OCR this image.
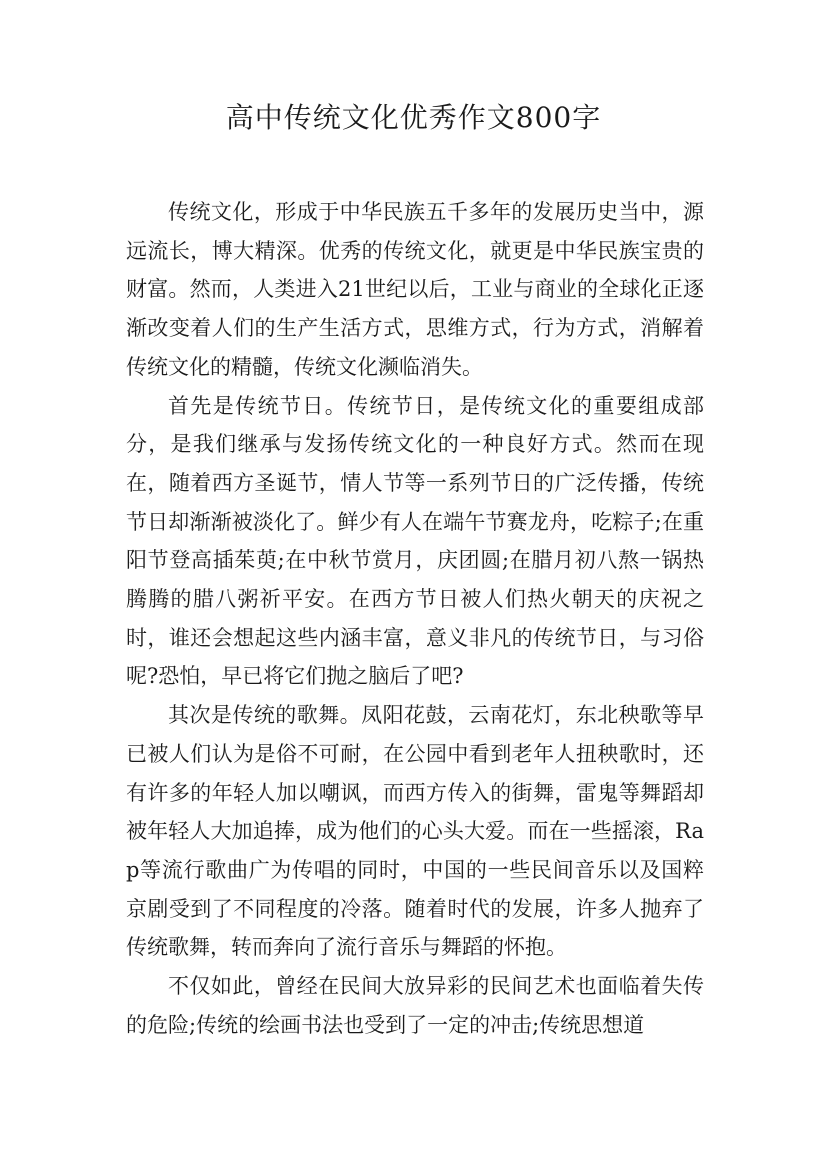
高中传统文化优秀作文800字

传统文化，形成于中华民族五千多年的发展历史当中，源远流长，博大精深。优秀的传统文化，就更是中华民族宝贵的财富。然而，人类进入21世纪以后，工业与商业的全球化正逐渐改变着人们的生产生活方式，思维方式，行为方式，消解着传统文化的精髓，传统文化濒临消失。

首先是传统节日。传统节日，是传统文化的重要组成部分，是我们继承与发扬传统文化的一种良好方式。然而在现在，随着西方圣诞节，情人节等一系列节日的广泛传播，传统节日却渐渐被淡化了。鲜少有人在端午节赛龙舟，吃粽子;在重阳节登高插茱萸;在中秋节赏月，庆团圆;在腊月初八熬一锅热腾腾的腊八粥祈平安。在西方节日被人们热火朝天的庆祝之时，谁还会想起这些内涵丰富，意义非凡的传统节日，与习俗呢?恐怕，早已将它们抛之脑后了吧?

其次是传统的歌舞。凤阳花鼓，云南花灯，东北秧歌等早已被人们认为是俗不可耐，在公园中看到老年人扭秧歌时，还有许多的年轻人加以嘲讽，而西方传入的街舞，雷鬼等舞蹈却被年轻人大加追捧，成为他们的心头大爱。而在一些摇滚，Rap等流行歌曲广为传唱的同时，中国的一些民间音乐以及国粹京剧受到了不同程度的冷落。随着时代的发展，许多人抛弃了传统歌舞，转而奔向了流行音乐与舞蹈的怀抱。

不仅如此，曾经在民间大放异彩的民间艺术也面临着失传的危险;传统的绘画书法也受到了一定的冲击;传统思想道
